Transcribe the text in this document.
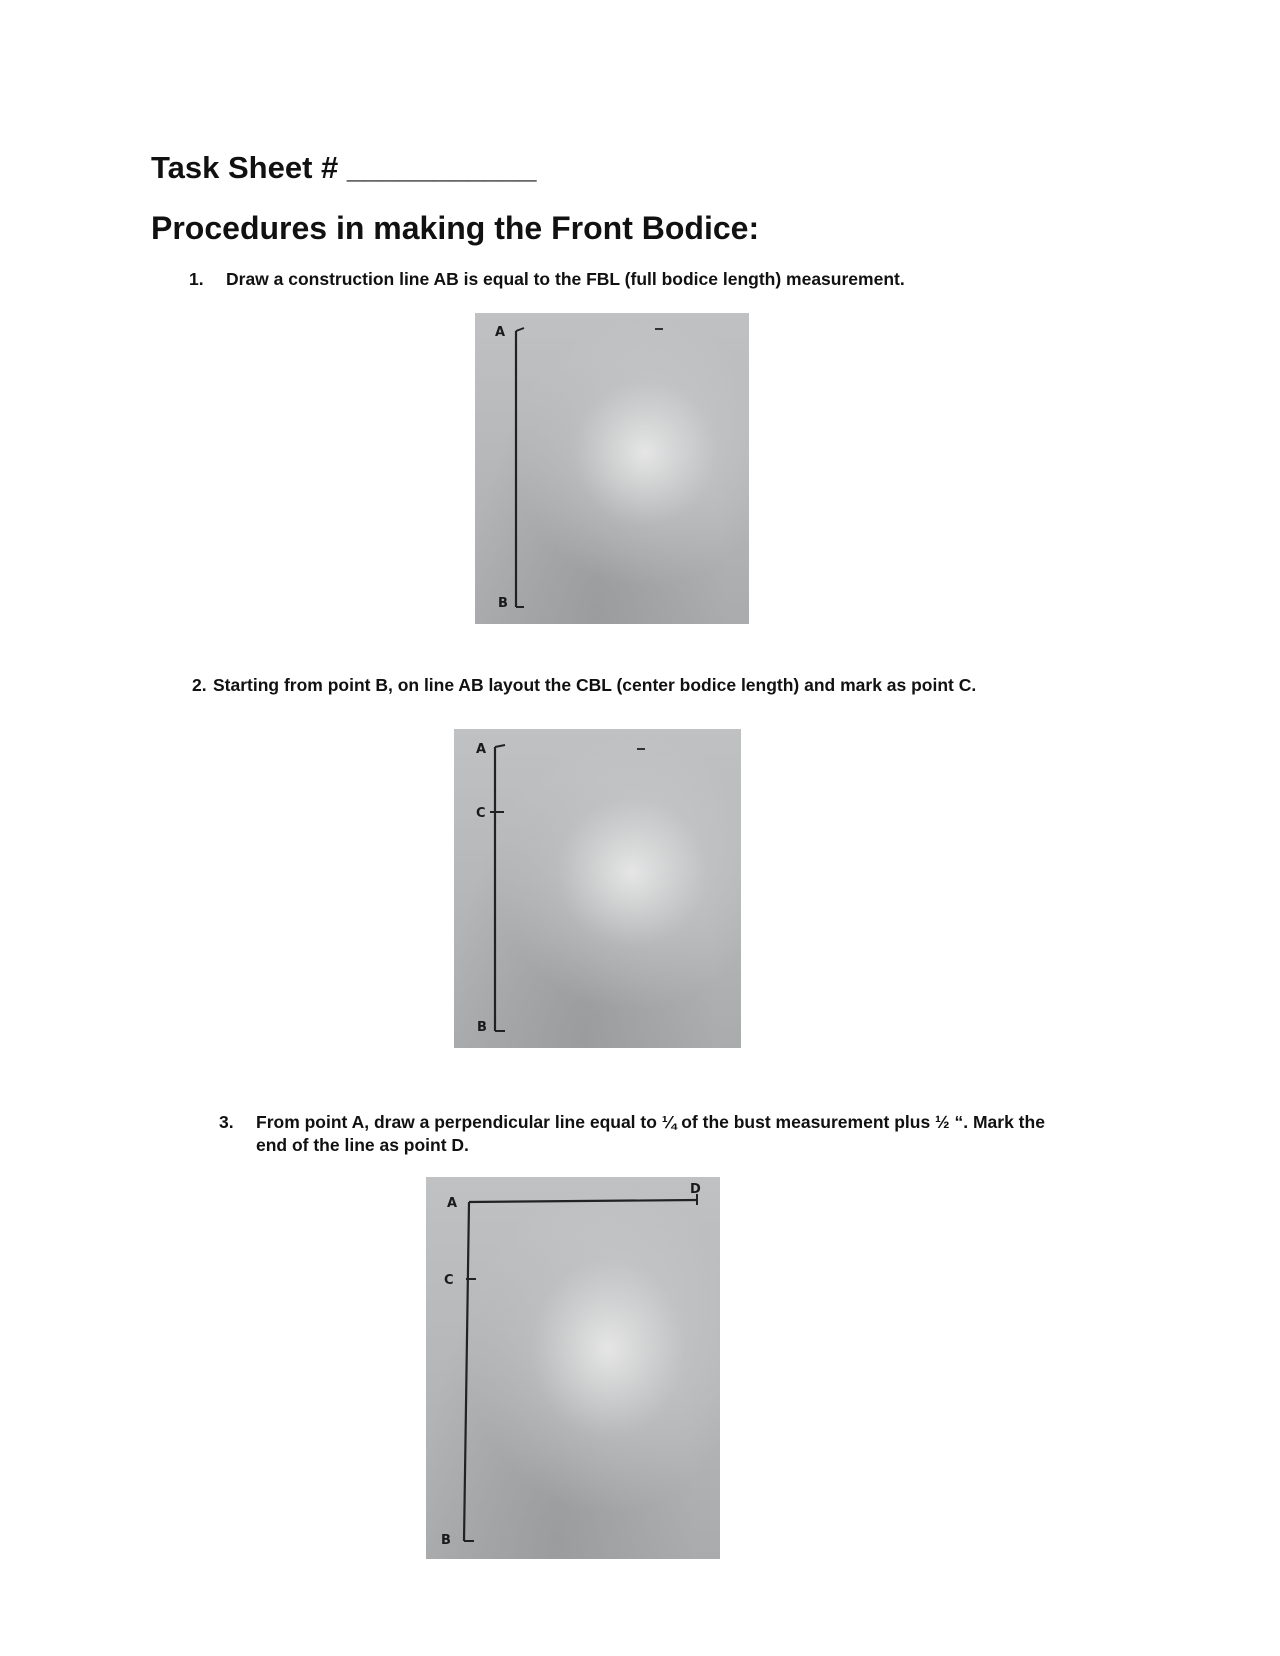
Task Sheet # ___________
Procedures in making the Front Bodice:
1. Draw a construction line AB is equal to the FBL (full bodice length) measurement.
A
B
2. Starting from point B, on line AB layout the CBL (center bodice length) and mark as point C.
A
C
B
3. From point A, draw a perpendicular line equal to ¼ of the bust measurement plus ½ “. Mark the
end of the line as point D.
A
D
C
B
